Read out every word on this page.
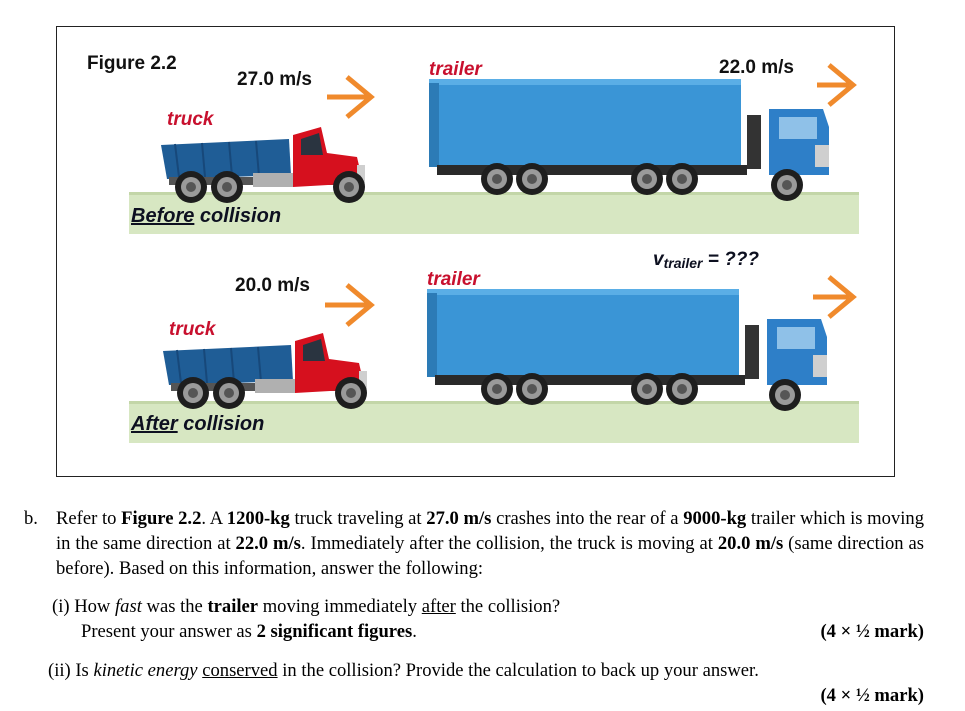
Figure 2.2
27.0 m/s
truck
trailer	22.0 m/s
Before collision
$v_{trailer}$ = ???
20.0 m/s
truck
trailer
After collision
b. Refer to Figure 2.2. A 1200-kg truck traveling at 27.0 m/s crashes into the rear of a 9000-kg trailer which is moving in the same direction at 22.0 m/s. Immediately after the collision, the truck is moving at 20.0 m/s (same direction as before). Based on this information, answer the following:
(i) How fast was the trailer moving immediately after the collision?
Present your answer as 2 significant figures.	(4 × ½ mark)
(ii) Is kinetic energy conserved in the collision? Provide the calculation to back up your answer.
(4 × ½ mark)
